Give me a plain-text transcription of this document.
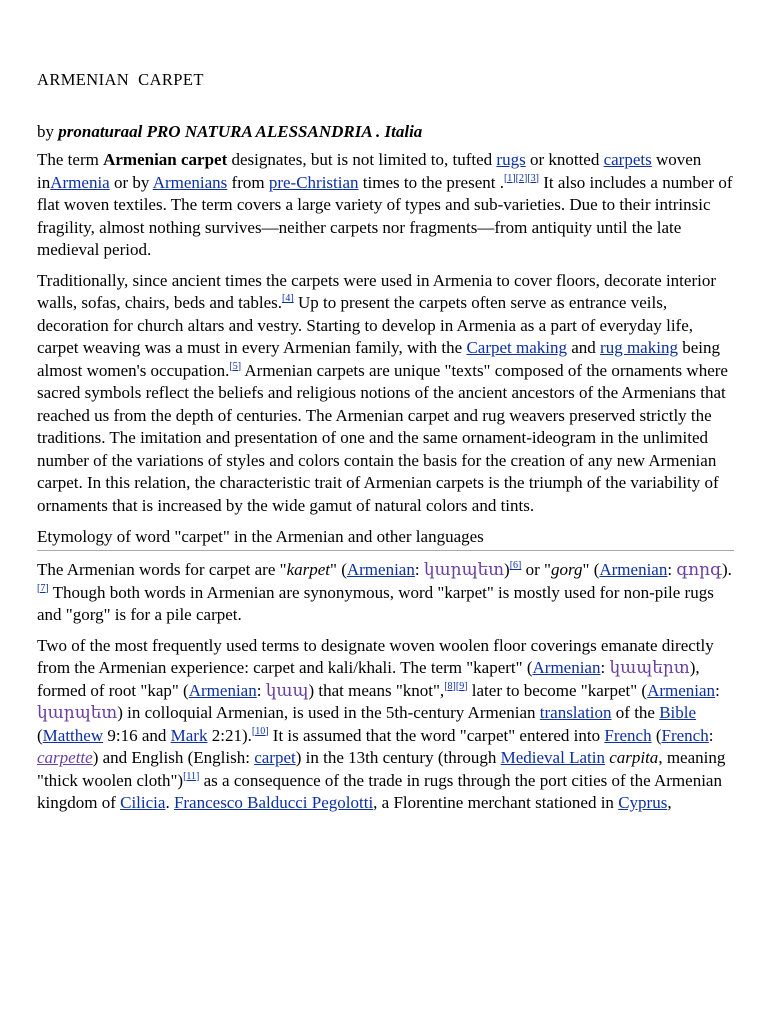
ARMENIAN  CARPET
by pronaturaal PRO NATURA ALESSANDRIA . Italia

The term Armenian carpet designates, but is not limited to, tufted rugs or knotted carpets woven inArmenia or by Armenians from pre-Christian times to the present .[1][2][3] It also includes a number of flat woven textiles. The term covers a large variety of types and sub-varieties. Due to their intrinsic fragility, almost nothing survives—neither carpets nor fragments—from antiquity until the late medieval period.

Traditionally, since ancient times the carpets were used in Armenia to cover floors, decorate interior walls, sofas, chairs, beds and tables.[4] Up to present the carpets often serve as entrance veils, decoration for church altars and vestry. Starting to develop in Armenia as a part of everyday life, carpet weaving was a must in every Armenian family, with the Carpet making and rug making being almost women's occupation.[5] Armenian carpets are unique "texts" composed of the ornaments where sacred symbols reflect the beliefs and religious notions of the ancient ancestors of the Armenians that reached us from the depth of centuries. The Armenian carpet and rug weavers preserved strictly the traditions. The imitation and presentation of one and the same ornament-ideogram in the unlimited number of the variations of styles and colors contain the basis for the creation of any new Armenian carpet. In this relation, the characteristic trait of Armenian carpets is the triumph of the variability of ornaments that is increased by the wide gamut of natural colors and tints.

Etymology of word "carpet" in the Armenian and other languages

The Armenian words for carpet are "karpet" (Armenian: կարպետ)[6] or "gorg" (Armenian: գորգ).[7] Though both words in Armenian are synonymous, word "karpet" is mostly used for non-pile rugs and "gorg" is for a pile carpet.

Two of the most frequently used terms to designate woven woolen floor coverings emanate directly from the Armenian experience: carpet and kali/khali. The term "kapert" (Armenian: կապերտ), formed of root "kap" (Armenian: կապ) that means "knot",[8][9] later to become "karpet" (Armenian: կարպետ) in colloquial Armenian, is used in the 5th-century Armenian translation of the Bible (Matthew 9:16 and Mark 2:21).[10] It is assumed that the word "carpet" entered into French (French: carpette) and English (English: carpet) in the 13th century (through Medieval Latin carpita, meaning "thick woolen cloth")[11] as a consequence of the trade in rugs through the port cities of the Armenian kingdom of Cilicia. Francesco Balducci Pegolotti, a Florentine merchant stationed in Cyprus,
